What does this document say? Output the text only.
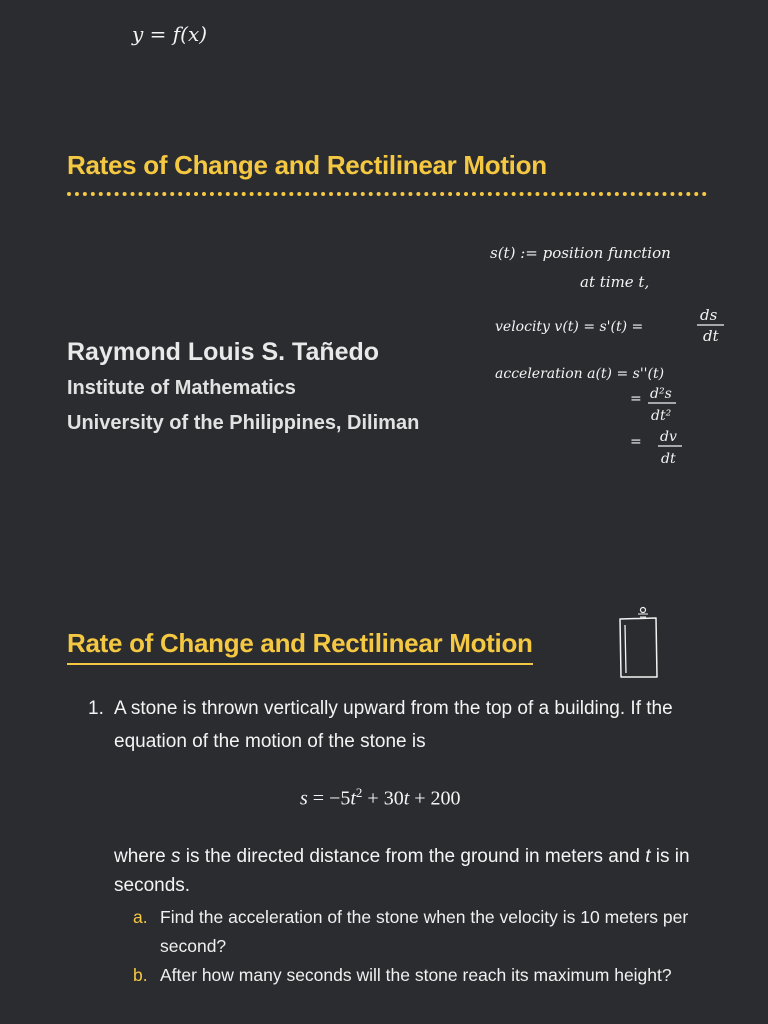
y = f(x)
Rates of Change and Rectilinear Motion
s(t) := position function
at time t,
velocity v(t) = s'(t) =
ds
dt
acceleration a(t) = s''(t)
= d²s
dt²
= dv
dt
Raymond Louis S. Tañedo
Institute of Mathematics
University of the Philippines, Diliman
Rate of Change and Rectilinear Motion
1. A stone is thrown vertically upward from the top of a building. If the equation of the motion of the stone is
$s = -5t^2 + 30t + 200$
where s is the directed distance from the ground in meters and t is in seconds.
a. Find the acceleration of the stone when the velocity is 10 meters per second?
b. After how many seconds will the stone reach its maximum height?
